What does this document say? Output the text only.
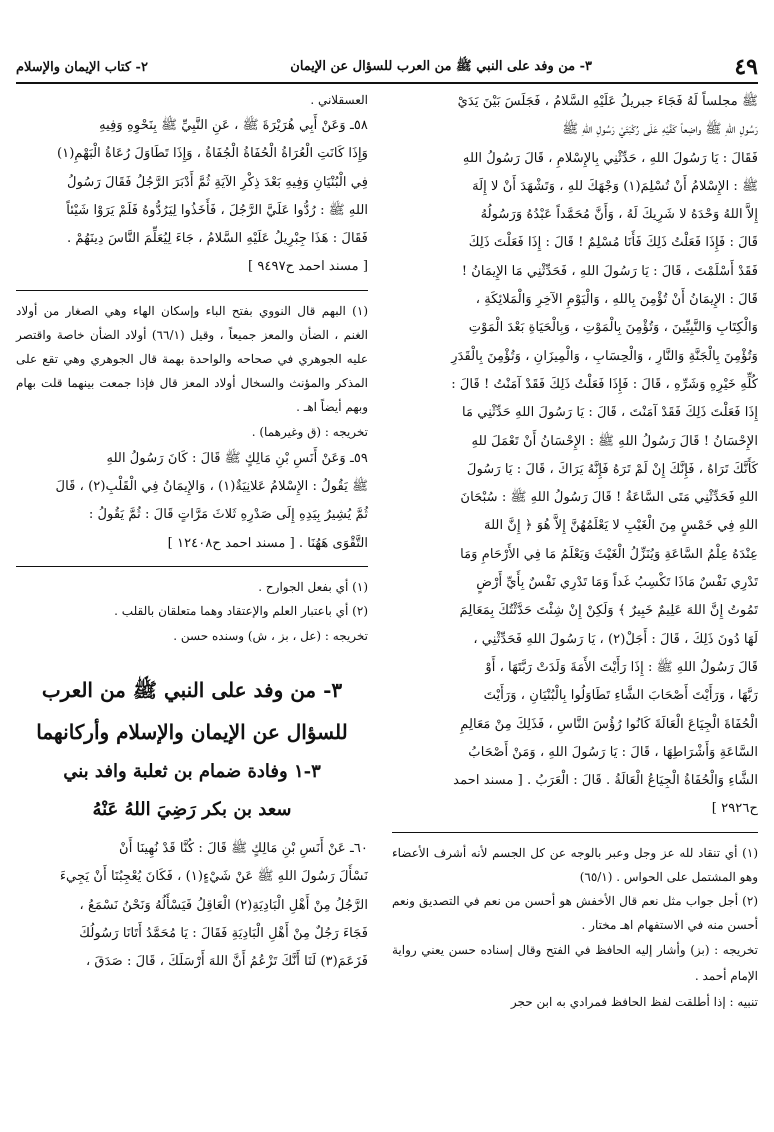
٤٩
٣- من وفد على النبي ﷺ من العرب للسؤال عن الإيمان
٢- كتاب الإيمان والإسلام

ﷺ مجلساً لَهُ فَجَاءَ جبريلُ عَلَيْهِ السَّلامُ ، فَجَلَسَ بَيْنَ يَدَيْ

رَسُولِ اللهِ ﷺ واضِعاً كَفَّيْهِ عَلَى رُكْبَتَيْ رَسُولِ اللهِ ﷺ

فَقَالَ : يَا رَسُولَ اللهِ ، حَدِّثْنِي بِالإِسْلامِ ، قَالَ رَسُولُ اللهِ

ﷺ : الإِسْلامُ أَنْ تُسْلِمَ(١) وَجْهَكَ للهِ ، وَتَشْهَدَ أَنْ لا إِلَهَ

إِلاَّ اللهُ وَحْدَهُ لا شَرِيكَ لَهُ ، وَأَنَّ مُحَمَّداً عَبْدُهُ وَرَسُولُهُ

قَالَ : فَإِذَا فَعَلْتُ ذَلِكَ فَأَنَا مُسْلِمٌ ! قَالَ : إِذَا فَعَلْتَ ذَلِكَ

فَقَدْ أَسْلَمْتَ ، قَالَ : يَا رَسُولَ اللهِ ، فَحَدِّثْنِي مَا الإِيمَانُ !

قَالَ : الإِيمَانُ أَنْ تُؤْمِنَ بِاللهِ ، وَالْيَوْمِ الآخِرِ وَالْمَلائِكَةِ ،

وَالْكِتَابِ وَالنَّبِيِّينَ ، وَتُؤْمِنَ بِالْمَوْتِ ، وَبِالْحَيَاةِ بَعْدَ الْمَوْتِ

وَتُؤْمِنَ بِالْجَنَّةِ وَالنَّارِ ، وَالْحِسَابِ ، وَالْمِيزَانِ ، وَتُؤْمِنَ بِالْقَدَرِ

كُلِّهِ خَيْرِهِ وَشَرِّهِ ، قَالَ : فَإِذَا فَعَلْتُ ذَلِكَ فَقَدْ آمَنْتُ ! قَالَ :

إِذَا فَعَلْتَ ذَلِكَ فَقَدْ آمَنْتَ ، قَالَ : يَا رَسُولَ اللهِ حَدِّثْنِي مَا

الإِحْسَانُ ! قَالَ رَسُولُ اللهِ ﷺ : الإِحْسَانُ أَنْ تَعْمَلَ للهِ

كَأَنَّكَ تَرَاهُ ، فَإِنَّكَ إِنْ لَمْ تَرَهُ فَإِنَّهُ يَرَاكَ ، قَالَ : يَا رَسُولَ

اللهِ فَحَدِّثْنِي مَتَى السَّاعَةُ ! قَالَ رَسُولُ اللهِ ﷺ : سُبْحَانَ

اللهِ فِي خَمْسٍ مِنَ الْغَيْبِ لا يَعْلَمُهُنَّ إِلاَّ هُوَ ﴿ إِنَّ اللهَ

عِنْدَهُ عِلْمُ السَّاعَةِ وَيُنَزِّلُ الْغَيْثَ وَيَعْلَمُ مَا فِي الأَرْحَامِ وَمَا

تَدْرِي نَفْسٌ مَاذَا تَكْسِبُ غَداً وَمَا تَدْرِي نَفْسٌ بِأَيِّ أَرْضٍ

تَمُوتُ إِنَّ اللهَ عَلِيمٌ خَبِيرٌ ﴾ وَلَكِنْ إِنْ شِئْتَ حَدَّثْتُكَ بِمَعَالِمَ

لَهَا دُونَ ذَلِكَ ، قَالَ : أَجَلْ(٢) ، يَا رَسُولَ اللهِ فَحَدِّثْنِي ،

قَالَ رَسُولُ اللهِ ﷺ : إِذَا رَأَيْتَ الأَمَةَ وَلَدَتْ رَبَّتَهَا ، أَوْ

رَبَّهَا ، وَرَأَيْتَ أَصْحَابَ الشَّاءِ تَطَاوَلُوا بِالْبُنْيَانِ ، وَرَأَيْتَ

الْحُفَاةَ الْجِيَاعَ الْعَالَةَ كَانُوا رُؤُسَ النَّاسِ ، فَذَلِكَ مِنْ مَعَالِمِ

السَّاعَةِ وَأَشْرَاطِهَا ، قَالَ : يَا رَسُولَ اللهِ ، وَمَنْ أَصْحَابُ

الشَّاءِ وَالْحُفَاةُ الْجِيَاعُ الْعَالَةُ . قَالَ : الْعَرَبُ . [ مسند احمد

ح٢٩٢٦ ]

(١) أي تنقاد لله عز وجل وعبر بالوجه عن كل الجسم لأنه أشرف الأعضاء وهو المشتمل على الحواس . (٦٥/١)

(٢) أجل جواب مثل نعم قال الأخفش هو أحسن من نعم في التصديق ونعم أحسن منه في الاستفهام اهـ مختار .

تخريجه : (بز) وأشار إليه الحافظ في الفتح وقال إسناده حسن يعني رواية الإمام أحمد .

تنبيه : إذا أطلقت لفظ الحافظ فمرادي به ابن حجر

العسقلاني .

٥٨ـ وَعَنْ أَبِي هُرَيْرَةَ ﷺ ، عَنِ النَّبِيِّ ﷺ بِنَحْوِهِ وَفِيهِ

وَإِذَا كَانَتِ الْعُرَاةُ الْحُفَاةُ الْجُفَاةُ ، وَإِذَا تَطَاوَلَ رُعَاةُ الْبَهْمِ(١)

فِي الْبُنْيَانِ وَفِيهِ بَعْدَ ذِكْرِ الآيَةِ ثُمَّ أَدْبَرَ الرَّجُلُ فَقَالَ رَسُولُ

اللهِ ﷺ : رُدُّوا عَلَيَّ الرَّجُلَ ، فَأَخَذُوا لِيَرُدُّوهُ فَلَمْ يَرَوْا شَيْئاً

فَقَالَ : هَذَا جِبْرِيلُ عَلَيْهِ السَّلامُ ، جَاءَ لِيُعَلِّمَ النَّاسَ دِينَهُمْ .

[ مسند احمد ح٩٤٩٧ ]

(١) البهم قال النووي بفتح الباء وإسكان الهاء وهي الصغار من أولاد الغنم ، الضأن والمعز جميعاً ، وقيل (٦٦/١) أولاد الضأن خاصة واقتصر عليه الجوهري في صحاحه والواحدة بهمة قال الجوهري وهي تقع على المذكر والمؤنث والسخال أولاد المعز قال فإذا جمعت بينهما قلت بهام وبهم أيضاً اهـ .

تخريجه : (ق وغيرهما) .

٥٩ـ وَعَنْ أَنَسِ بْنِ مَالِكٍ ﷺ قَالَ : كَانَ رَسُولُ اللهِ

ﷺ يَقُولُ : الإِسْلامُ عَلانِيَةٌ(١) ، وَالإِيمَانُ فِي الْقَلْبِ(٢) ، قَالَ

ثُمَّ يُشِيرُ بِيَدِهِ إِلَى صَدْرِهِ ثَلاثَ مَرَّاتٍ قَالَ : ثُمَّ يَقُولُ :

التَّقْوَى هَهُنَا . [ مسند احمد ح١٢٤٠٨ ]

(١) أي بفعل الجوارح .

(٢) أي باعتبار العلم والإعتقاد وهما متعلقان بالقلب .

تخريجه : (عل ، بز ، ش) وسنده حسن .

٣- من وفد على النبي ﷺ من العرب

للسؤال عن الإيمان والإسلام وأركانهما

٣-١ وفادة ضمام بن ثعلبة وافد بني

سعد بن بكر رَضِيَ اللهُ عَنْهُ

٦٠ـ عَنْ أَنَسِ بْنِ مَالِكٍ ﷺ قَالَ : كُنَّا قَدْ نُهِينَا أَنْ

نَسْأَلَ رَسُولَ اللهِ ﷺ عَنْ شَيْءٍ(١) ، فَكَانَ يُعْجِبُنَا أَنْ يَجِيءَ

الرَّجُلُ مِنْ أَهْلِ الْبَادِيَةِ(٢) الْعَاقِلُ فَيَسْأَلُهُ وَنَحْنُ نَسْمَعُ ،

فَجَاءَ رَجُلٌ مِنْ أَهْلِ الْبَادِيَةِ فَقَالَ : يَا مُحَمَّدُ أَتَانَا رَسُولُكَ

فَزَعَمَ(٣) لَنَا أَنَّكَ تَزْعُمُ أَنَّ اللهَ أَرْسَلَكَ ، قَالَ : صَدَقَ ،
